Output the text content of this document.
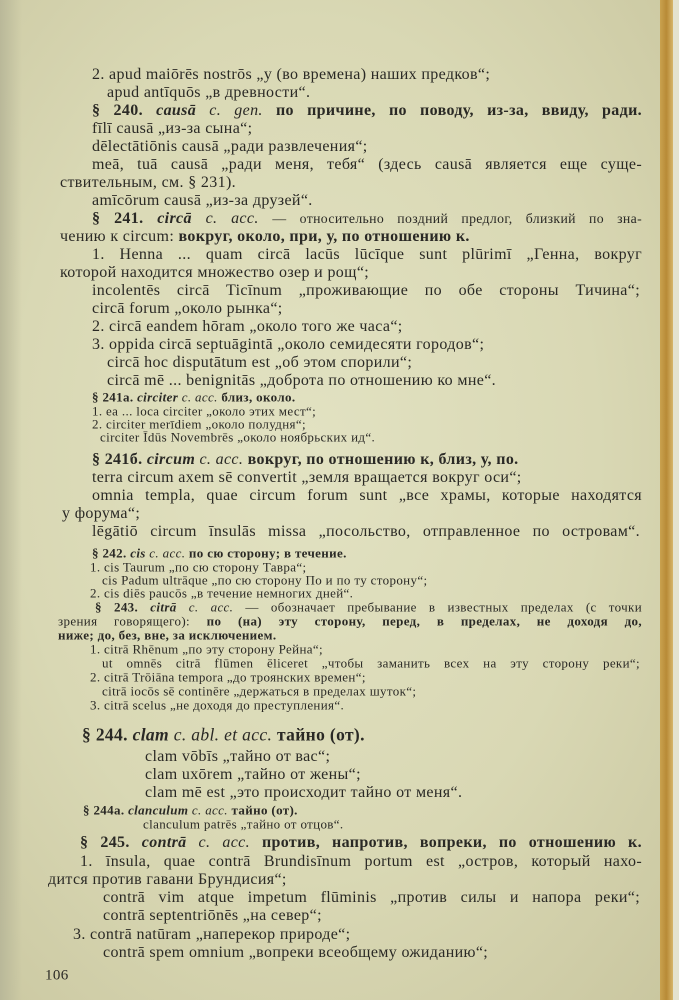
2. apud maiōrēs nostrōs „у (во времена) наших предков“;
apud antīquōs „в древности“.
§ 240. causā c. gen. по причине, по поводу, из-за, ввиду, ради.
fīlī causā „из-за сына“;
dēlectātiōnis causā „ради развлечения“;
meā, tuā causā „ради меня, тебя“ (здесь causā является еще суще-
ствительным, см. § 231).
amīcōrum causā „из-за друзей“.
§ 241. circā c. acc. — относительно поздний предлог, близкий по зна-
чению к circum: вокруг, около, при, у, по отношению к.
1. Henna ... quam circā lacūs lūcīque sunt plūrimī „Генна, вокруг
которой находится множество озер и рощ“;
incolentēs circā Ticīnum „проживающие по обе стороны Тичина“;
circā forum „около рынка“;
2. circā eandem hōram „около того же часа“;
3. oppida circā septuāgintā „около семидесяти городов“;
circā hoc disputātum est „об этом спорили“;
circā mē ... benignitās „доброта по отношению ко мне“.
§ 241a. circiter c. acc. близ, около.
1. ea ... loca circiter „около этих мест“;
2. circiter merīdiem „около полудня“;
circiter Īdūs Novembrēs „около ноябрьских ид“.
§ 241б. circum c. acc. вокруг, по отношению к, близ, у, по.
terra circum axem sē convertit „земля вращается вокруг оси“;
omnia templa, quae circum forum sunt „все храмы, которые находятся
у форума“;
lēgātiō circum īnsulās missa „посольство, отправленное по островам“.
§ 242. cis c. acc. по сю сторону; в течение.
1. cis Taurum „по сю сторону Тавра“;
cis Padum ultrāque „по сю сторону По и по ту сторону“;
2. cis diēs paucōs „в течение немногих дней“.
§ 243. citrā c. acc. — обозначает пребывание в известных пределах (с точки
зрения говорящего): по (на) эту сторону, перед, в пределах, не доходя до,
ниже; до, без, вне, за исключением.
1. citrā Rhēnum „по эту сторону Рейна“;
ut omnēs citrā flūmen ēliceret „чтобы заманить всех на эту сторону реки“;
2. citrā Trōiāna tempora „до троянских времен“;
citrā iocōs sē continēre „держаться в пределах шуток“;
3. citrā scelus „не доходя до преступления“.
§ 244. clam c. abl. et acc. тайно (от).
clam vōbīs „тайно от вас“;
clam uxōrem „тайно от жены“;
clam mē est „это происходит тайно от меня“.
§ 244a. clanculum c. acc. тайно (от).
clanculum patrēs „тайно от отцов“.
§ 245. contrā c. acc. против, напротив, вопреки, по отношению к.
1. īnsula, quae contrā Brundisīnum portum est „остров, который нахо-
дится против гавани Брундисия“;
contrā vim atque impetum flūminis „против силы и напора реки“;
contrā septentriōnēs „на север“;
3. contrā natūram „наперекор природе“;
contrā spem omnium „вопреки всеобщему ожиданию“;
106
